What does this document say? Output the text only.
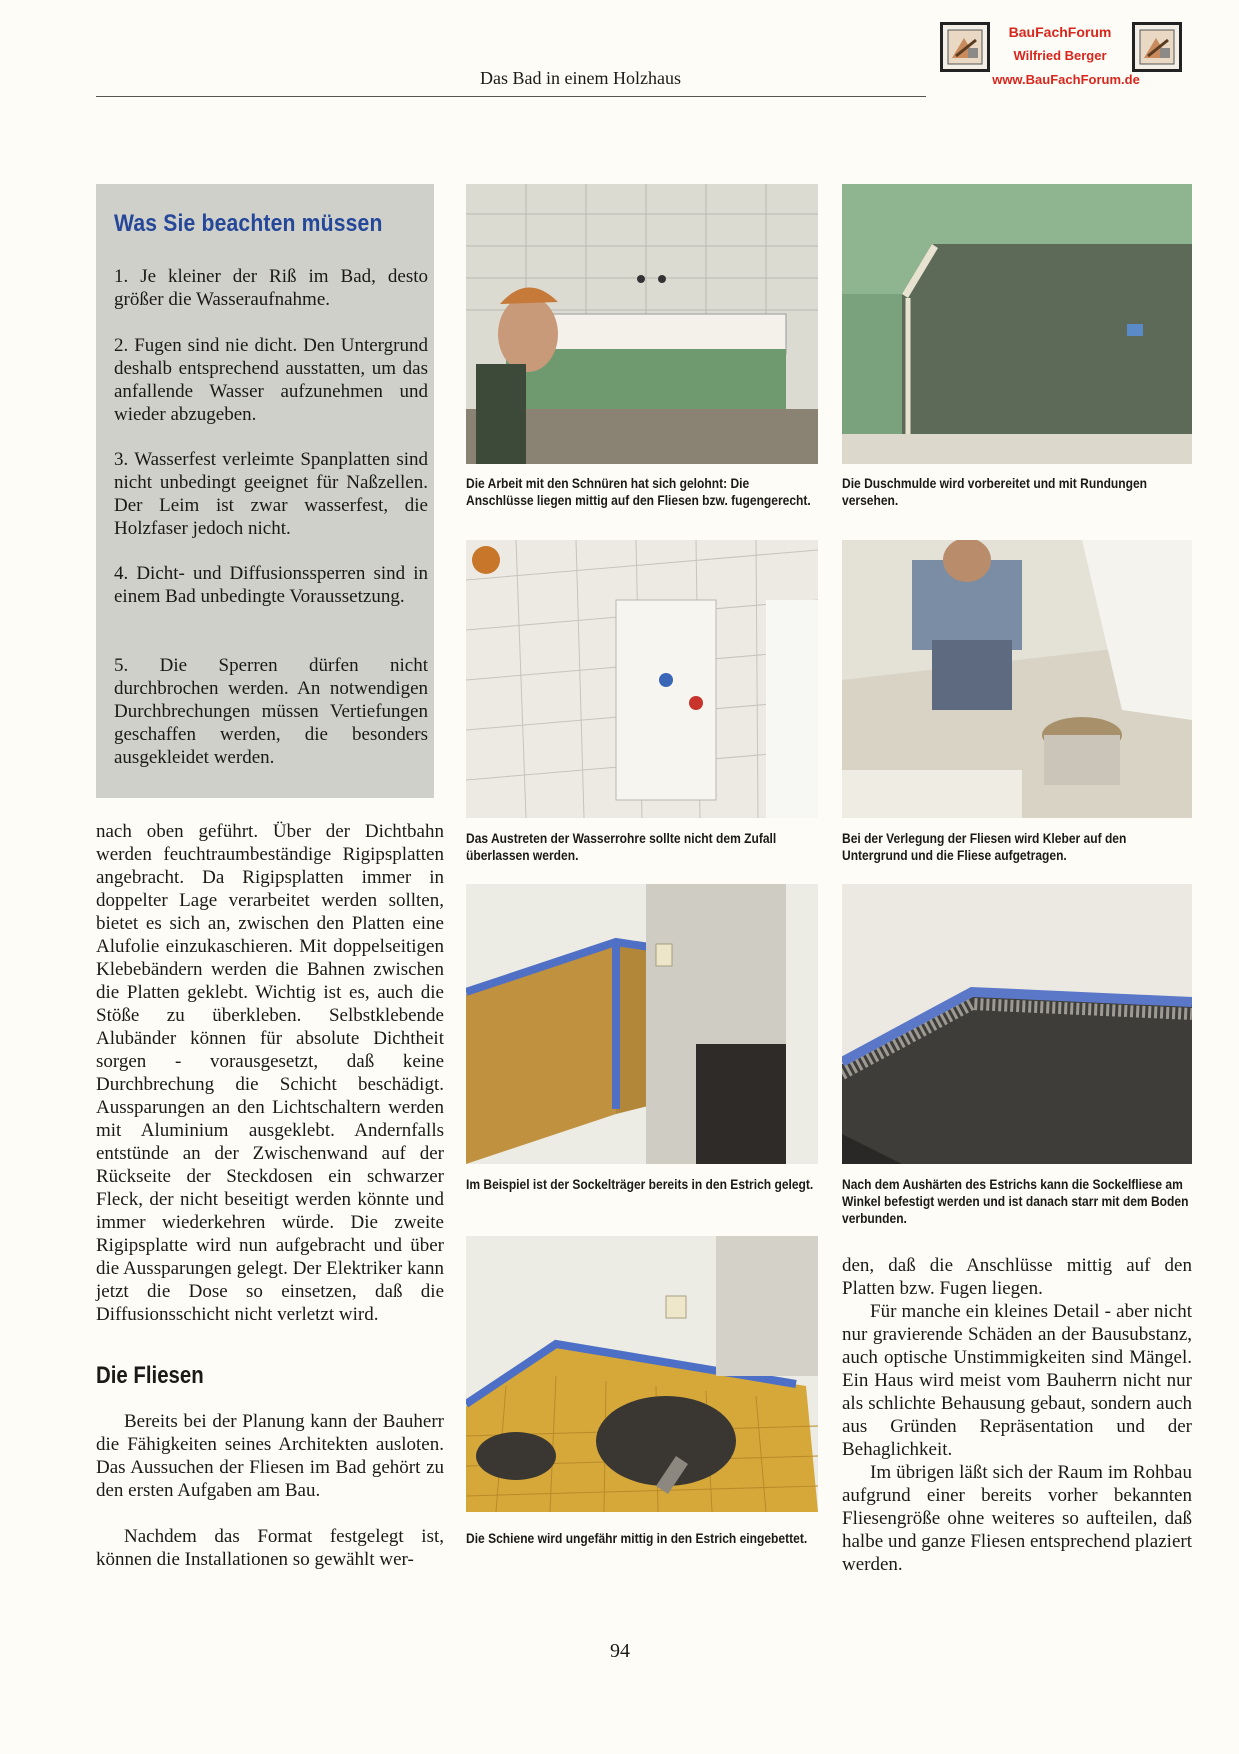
Das Bad in einem Holzhaus
BauFachForum
Wilfried Berger
www.BauFachForum.de
Was Sie beachten müssen
1. Je kleiner der Riß im Bad, desto größer die Wasseraufnahme.
2. Fugen sind nie dicht. Den Untergrund deshalb entsprechend ausstatten, um das anfallende Wasser aufzunehmen und wieder abzugeben.
3. Wasserfest verleimte Spanplatten sind nicht unbedingt geeignet für Naßzellen. Der Leim ist zwar wasserfest, die Holzfaser jedoch nicht.
4. Dicht- und Diffusionssperren sind in einem Bad unbedingte Voraussetzung.
5. Die Sperren dürfen nicht durchbrochen werden. An notwendigen Durchbrechungen müssen Vertiefungen geschaffen werden, die besonders ausgekleidet werden.
nach oben geführt. Über der Dichtbahn werden feuchtraumbeständige Rigipsplatten angebracht. Da Rigipsplatten immer in doppelter Lage verarbeitet werden sollten, bietet es sich an, zwischen den Platten eine Alufolie einzukaschieren. Mit doppelseitigen Klebebändern werden die Bahnen zwischen die Platten geklebt. Wichtig ist es, auch die Stöße zu überkleben. Selbstklebende Alubänder können für absolute Dichtheit sorgen - vorausgesetzt, daß keine Durchbrechung die Schicht beschädigt. Aussparungen an den Lichtschaltern werden mit Aluminium ausgeklebt. Andernfalls entstünde an der Zwischenwand auf der Rückseite der Steckdosen ein schwarzer Fleck, der nicht beseitigt werden könnte und immer wiederkehren würde. Die zweite Rigipsplatte wird nun aufgebracht und über die Aussparungen gelegt. Der Elektriker kann jetzt die Dose so einsetzen, daß die Diffusionsschicht nicht verletzt wird.
Die Fliesen
Bereits bei der Planung kann der Bauherr die Fähigkeiten seines Architekten ausloten. Das Aussuchen der Fliesen im Bad gehört zu den ersten Aufgaben am Bau.
Nachdem das Format festgelegt ist, können die Installationen so gewählt wer-
Die Arbeit mit den Schnüren hat sich gelohnt: Die Anschlüsse liegen mittig auf den Fliesen bzw. fugengerecht.
Die Duschmulde wird vorbereitet und mit Rundungen versehen.
Das Austreten der Wasserrohre sollte nicht dem Zufall überlassen werden.
Bei der Verlegung der Fliesen wird Kleber auf den Untergrund und die Fliese aufgetragen.
Im Beispiel ist der Sockelträger bereits in den Estrich gelegt.	Nach dem Aushärten des Estrichs kann die Sockelfliese am Winkel befestigt werden und ist danach starr mit dem Boden verbunden.
Die Schiene wird ungefähr mittig in den Estrich eingebettet.
den, daß die Anschlüsse mittig auf den Platten bzw. Fugen liegen.
Für manche ein kleines Detail - aber nicht nur gravierende Schäden an der Bausubstanz, auch optische Unstimmigkeiten sind Mängel. Ein Haus wird meist vom Bauherrn nicht nur als schlichte Behausung gebaut, sondern auch aus Gründen Repräsentation und der Behaglichkeit.
Im übrigen läßt sich der Raum im Rohbau aufgrund einer bereits vorher bekannten Fliesengröße ohne weiteres so aufteilen, daß halbe und ganze Fliesen entsprechend plaziert werden.
94
